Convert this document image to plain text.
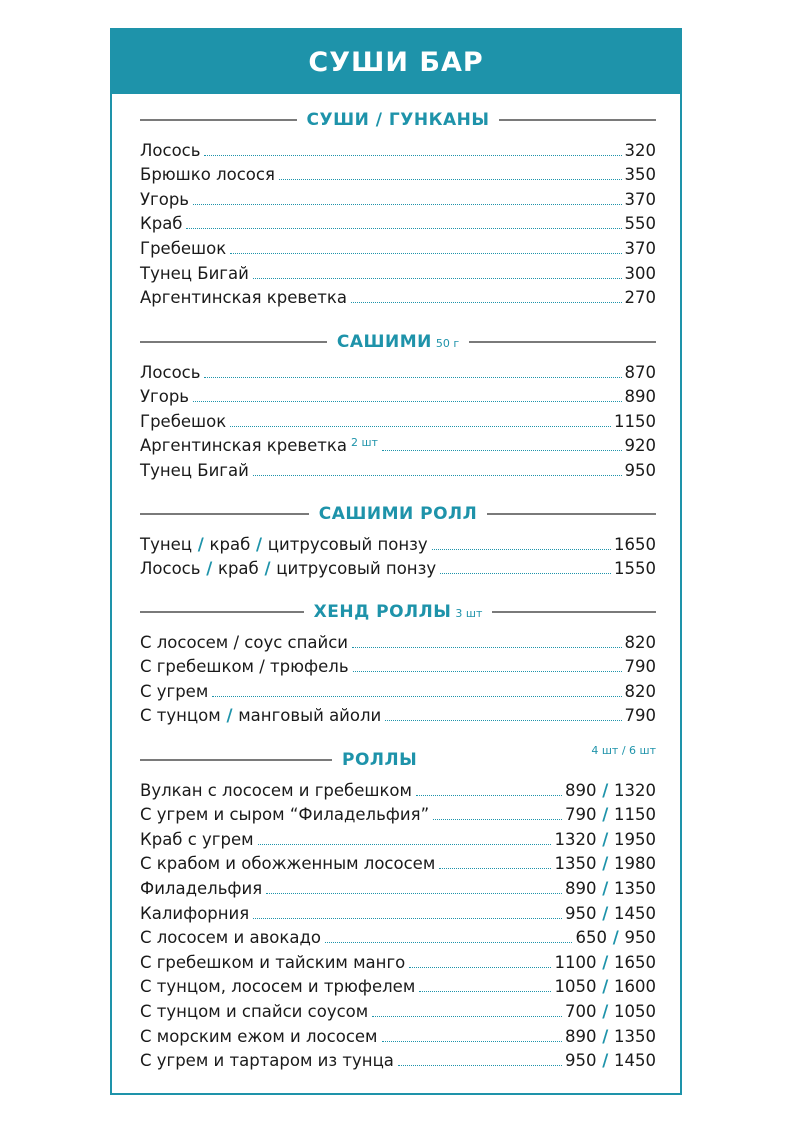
СУШИ БАР
СУШИ / ГУНКАНЫ
Лосось	320
Брюшко лосося	350
Угорь	370
Краб	550
Гребешок	370
Тунец Бигай	300
Аргентинская креветка	270
САШИМИ 50 г
Лосось	870
Угорь	890
Гребешок	1150
Аргентинская креветка 2 шт	920
Тунец Бигай	950
САШИМИ РОЛЛ
Тунец / краб / цитрусовый понзу	1650
Лосось / краб / цитрусовый понзу	1550
ХЕНД РОЛЛЫ 3 шт
С лососем / соус спайси	820
С гребешком / трюфель	790
С угрем	820
С тунцом / манговый айоли	790
РОЛЛЫ	4 шт / 6 шт
Вулкан с лососем и гребешком	890 / 1320
С угрем и сыром “Филадельфия”	790 / 1150
Краб с угрем	1320 / 1950
С крабом и обожженным лососем	1350 / 1980
Филадельфия	890 / 1350
Калифорния	950 / 1450
С лососем и авокадо	650 / 950
С гребешком и тайским манго	1100 / 1650
С тунцом, лососем и трюфелем	1050 / 1600
С тунцом и спайси соусом	700 / 1050
С морским ежом и лососем	890 / 1350
С угрем и тартаром из тунца	950 / 1450
